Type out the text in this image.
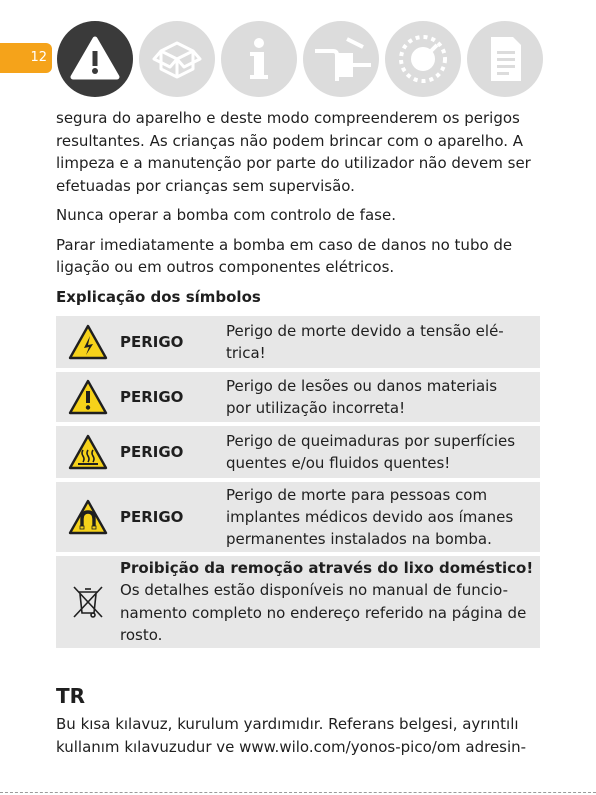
12

segura do aparelho e deste modo compreenderem os perigos resultantes. As crianças não podem brincar com o aparelho. A limpeza e a manutenção por parte do utilizador não devem ser efetuadas por crianças sem supervisão.

Nunca operar a bomba com controlo de fase.

Parar imediatamente a bomba em caso de danos no tubo de ligação ou em outros componentes elétricos.

Explicação dos símbolos
PERIGO
Perigo de morte devido a tensão elé-trica!
PERIGO
Perigo de lesões ou danos materiais por utilização incorreta!
PERIGO
Perigo de queimaduras por superfícies quentes e/ou fluidos quentes!
PERIGO
Perigo de morte para pessoas com implantes médicos devido aos ímanes permanentes instalados na bomba.
Proibição da remoção através do lixo doméstico!
Os detalhes estão disponíveis no manual de funcio-namento completo no endereço referido na página de rosto.
TR

Bu kısa kılavuz, kurulum yardımıdır. Referans belgesi, ayrıntılı kullanım kılavuzudur ve www.wilo.com/yonos-pico/om adresin-
